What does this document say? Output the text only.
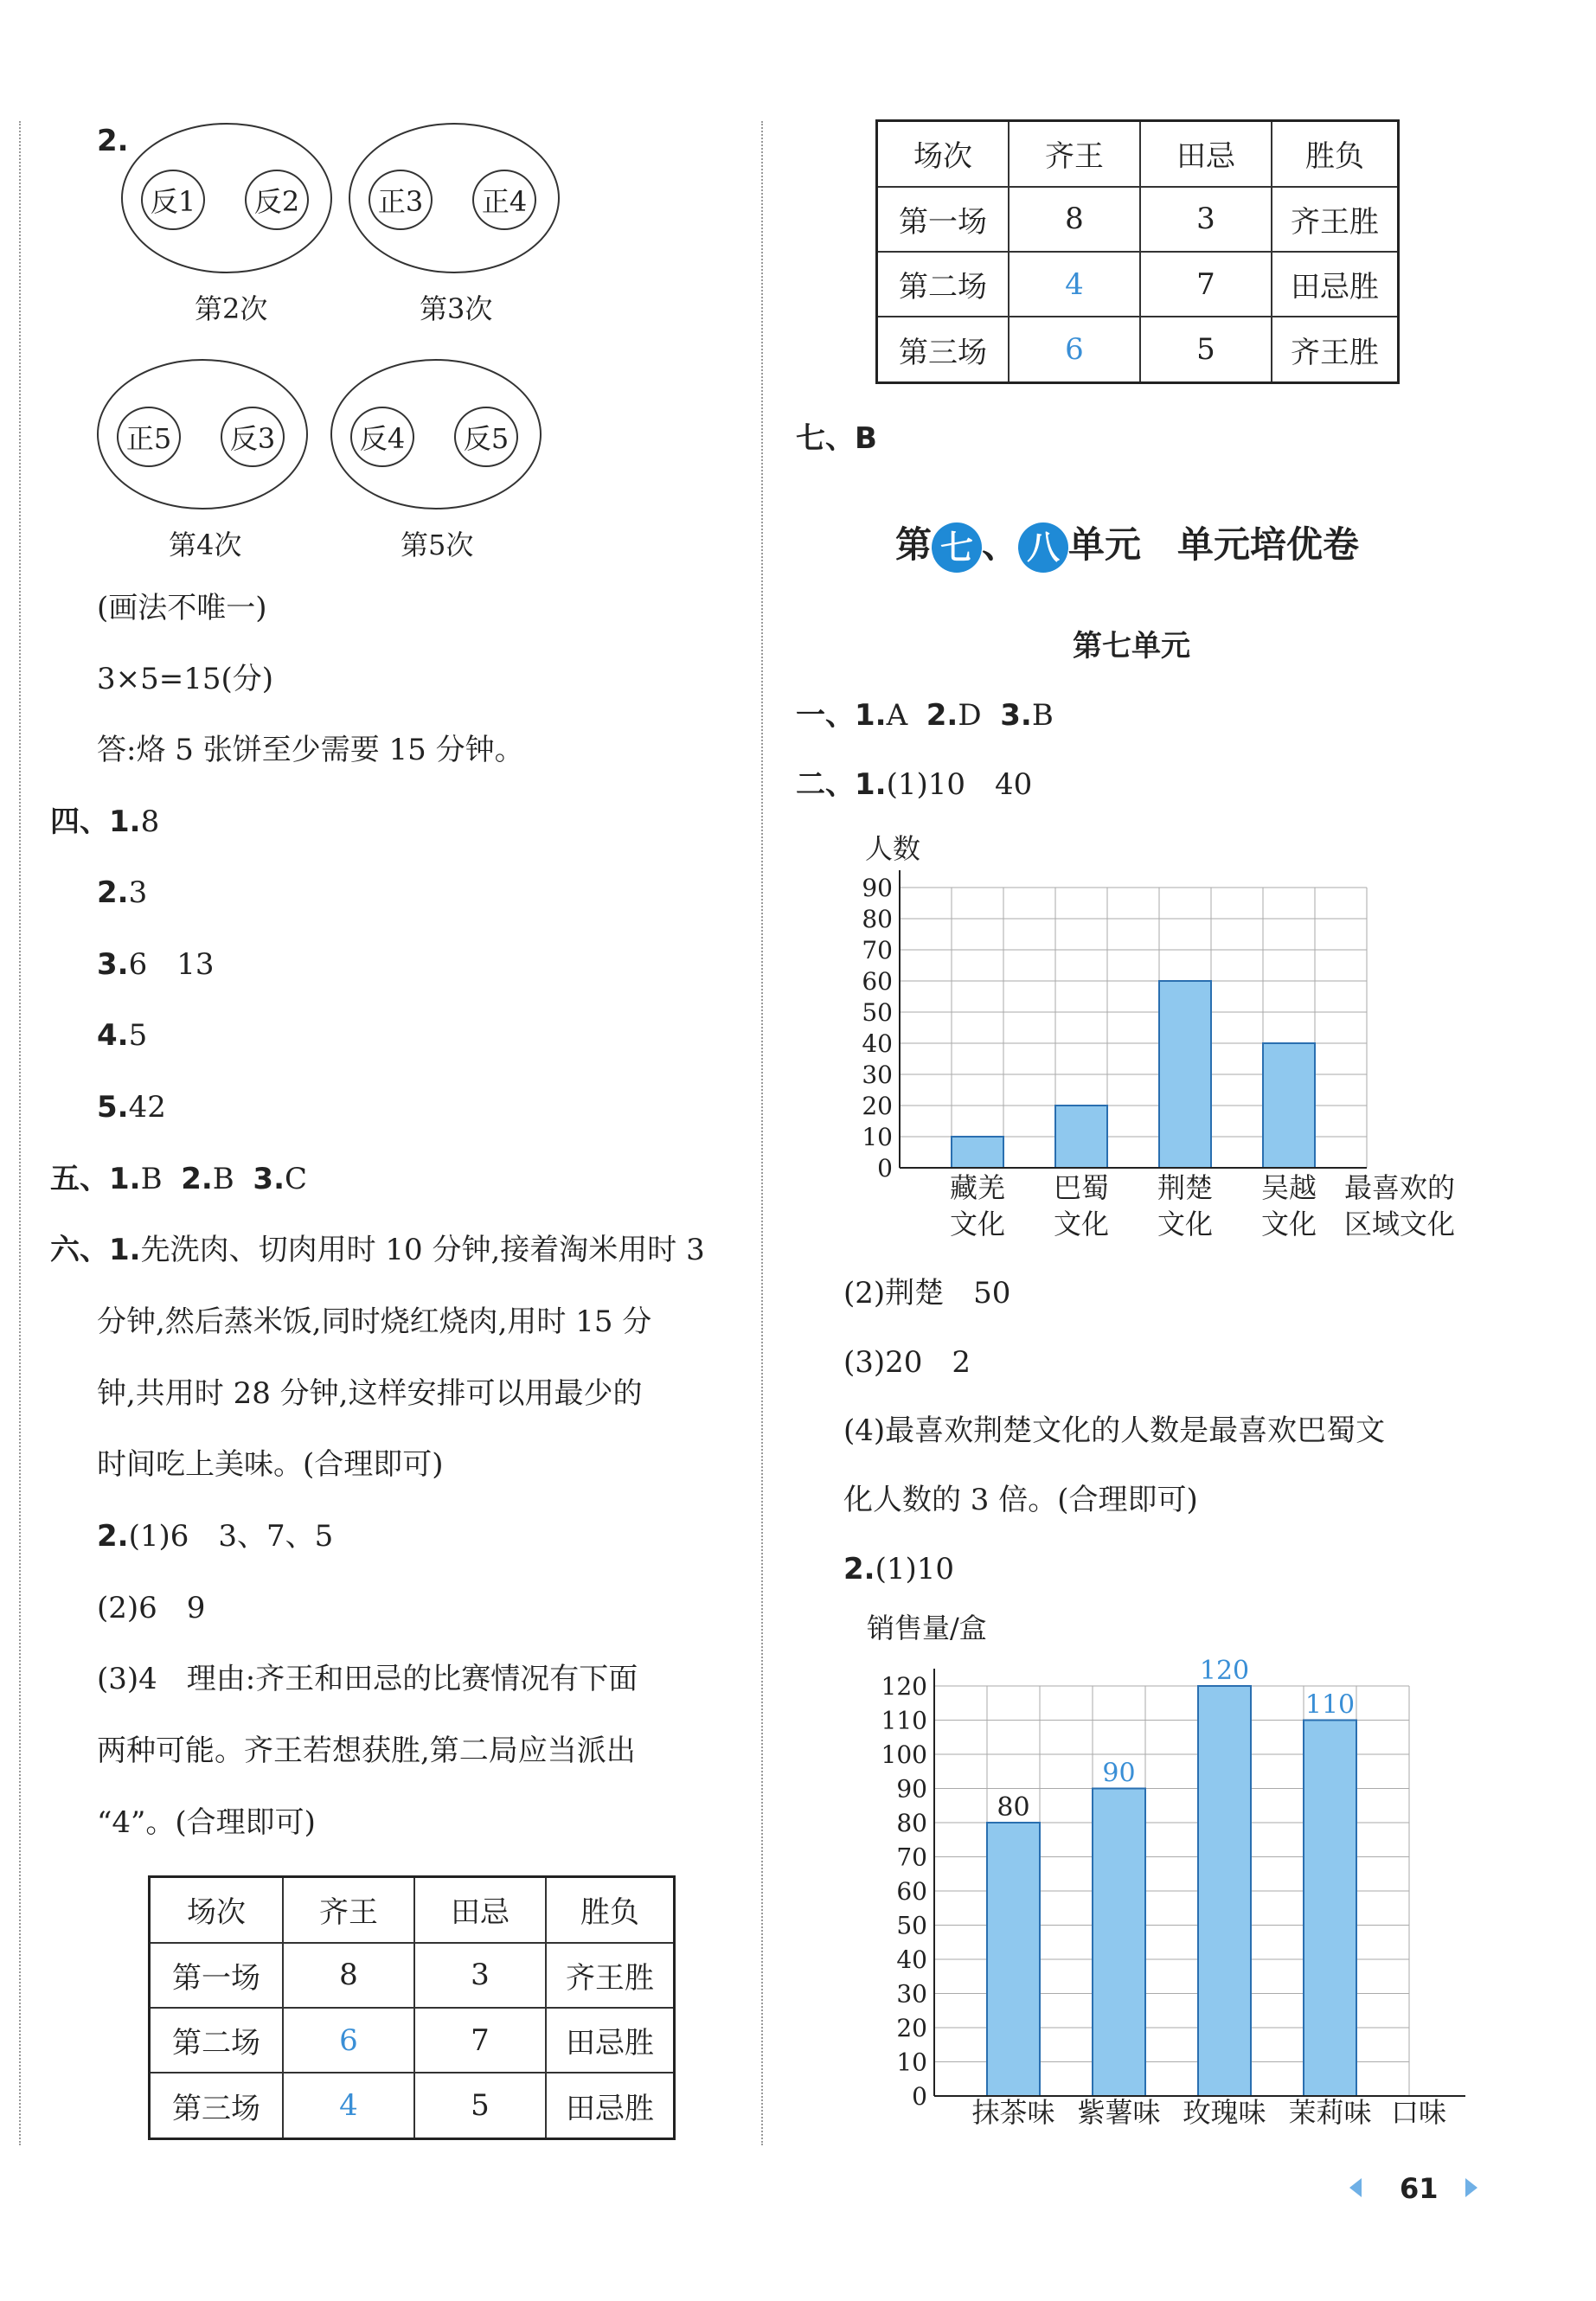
2.
反1	反2
第2次
正3	正4
第3次
正5	反3
第4次
反4	反5
第5次
(画法不唯一)
3×5=15(分)
答:烙 5 张饼至少需要 15 分钟。
四、1.8
2.3
3.6　13
4.5
5.42
五、1.B 2.B 3.C
六、1.先洗肉、切肉用时 10 分钟,接着淘米用时 3
分钟,然后蒸米饭,同时烧红烧肉,用时 15 分
钟,共用时 28 分钟,这样安排可以用最少的
时间吃上美味。(合理即可)
2.(1)6　3、7、5
(2)6　9
(3)4　理由:齐王和田忌的比赛情况有下面
两种可能。齐王若想获胜,第二局应当派出
“4”。(合理即可)
场次	齐王	田忌	胜负
第一场	8	3	齐王胜
第二场	6	7	田忌胜
第三场	4	5	田忌胜
场次	齐王	田忌	胜负
第一场	8	3	齐王胜
第二场	4	7	田忌胜
第三场	6	5	齐王胜
七、B
第 七 、 八 单元　单元培优卷
第七单元
一、1.A 2.D 3.B
二、1.(1)10　40
0
10
20
30
40
50
60
70
80
90
人数
藏羌
文化
巴蜀
文化
荆楚
文化
吴越
文化
最喜欢的
区域文化
(2)荆楚　50
(3)20　2
(4)最喜欢荆楚文化的人数是最喜欢巴蜀文
化人数的 3 倍。(合理即可)
2.(1)10
80
90
120
110
0
10
20
30
40
50
60
70
80
90
100
110
120
销售量/盒
抹茶味 紫薯味 玫瑰味 茉莉味 口味
61
